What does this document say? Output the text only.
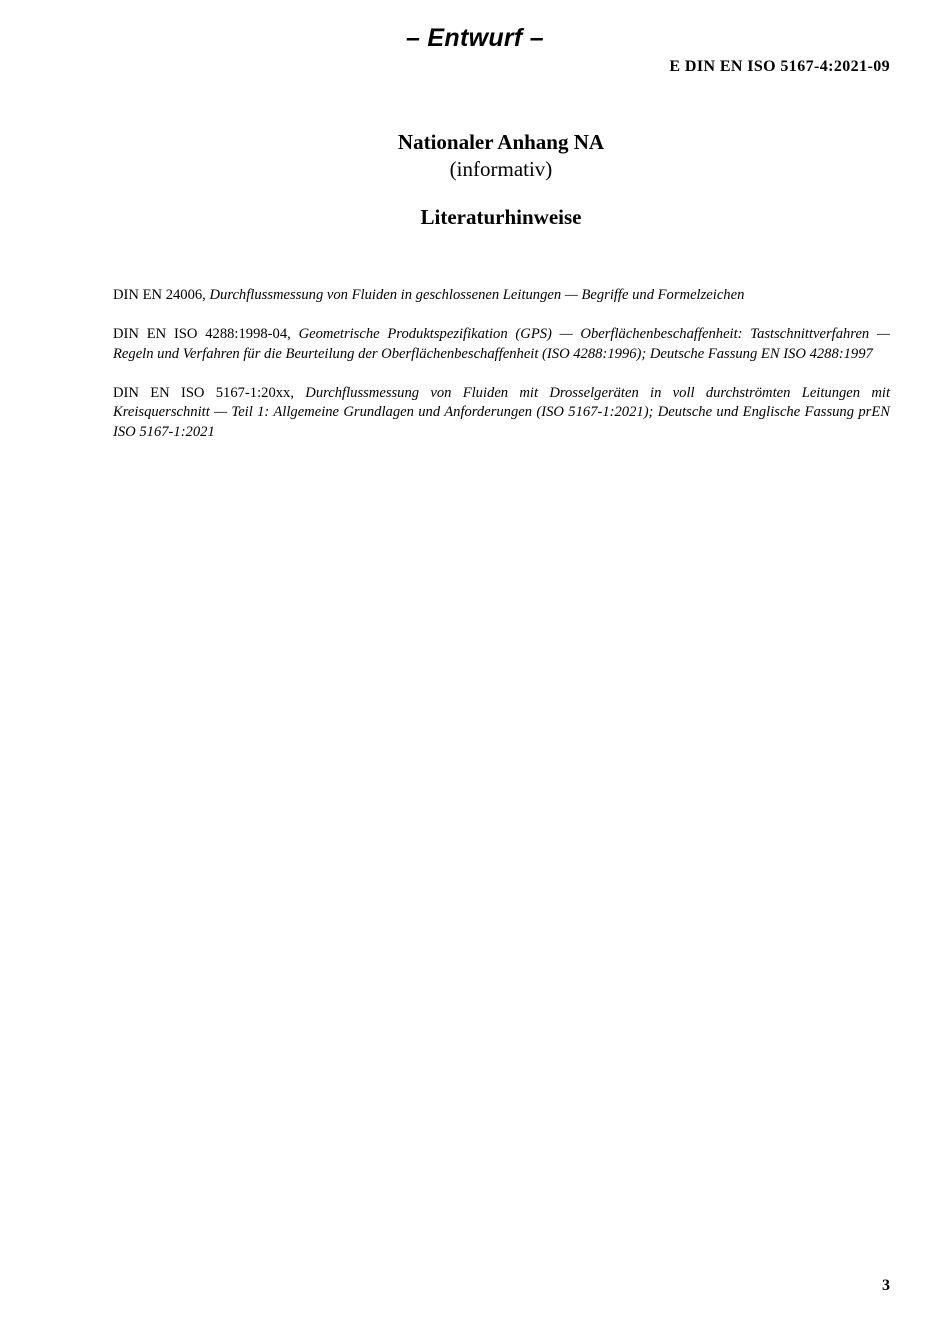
– Entwurf –
E DIN EN ISO 5167-4:2021-09
Nationaler Anhang NA
(informativ)
Literaturhinweise

DIN EN 24006, Durchflussmessung von Fluiden in geschlossenen Leitungen — Begriffe und Formelzeichen

DIN EN ISO 4288:1998-04, Geometrische Produktspezifikation (GPS) — Oberflächenbeschaffenheit: Tastschnittverfahren — Regeln und Verfahren für die Beurteilung der Oberflächenbeschaffenheit (ISO 4288:1996); Deutsche Fassung EN ISO 4288:1997

DIN EN ISO 5167-1:20xx, Durchflussmessung von Fluiden mit Drosselgeräten in voll durchströmten Leitungen mit Kreisquerschnitt — Teil 1: Allgemeine Grundlagen und Anforderungen (ISO 5167-1:2021); Deutsche und Englische Fassung prEN ISO 5167-1:2021

3
